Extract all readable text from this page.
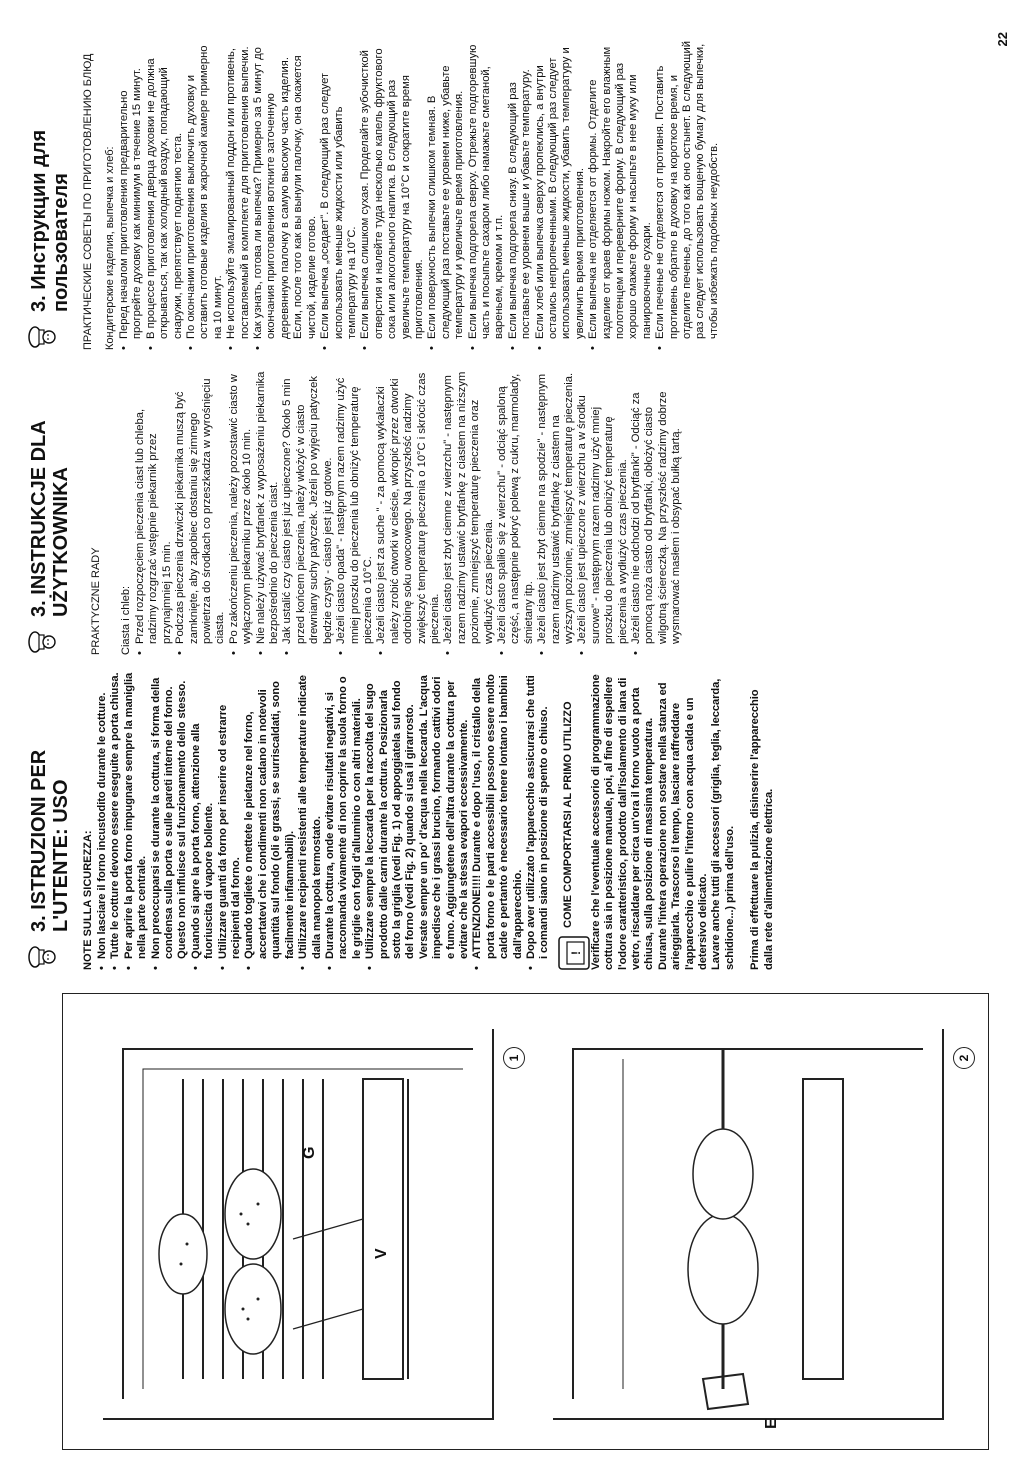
G
V
E
1	2
3. ISTRUZIONI PER L'UTENTE: USO NOTE SULLA SICUREZZA: • Non lasciare il forno incustodito durante le cotture. • Tutte le cotture devono essere eseguite a porta chiusa. • Per aprire la porta forno impugnare sempre la maniglia nella parte centrale. • Non preoccuparsi se durante la cottura, si forma della condensa sulla porta e sulle pareti interne del forno. Questo non influisce sul funzionamento dello stesso. • Quando si apre la porta forno, attenzione alla fuoriuscita di vapore bollente. • Utilizzare guanti da forno per inserire od estrarre recipienti dal forno. • Quando togliete o mettete le pietanze nel forno, accertatevi che i condimenti non cadano in notevoli quantità sul fondo (oli e grassi, se surriscaldati, sono facilmente infiammabili). • Utilizzare recipienti resistenti alle temperature indicate dalla manopola termostato. • Durante la cottura, onde evitare risultati negativi, si raccomanda vivamente di non coprire la suola forno o le griglie con fogli d'alluminio o con altri materiali. • Utilizzare sempre la leccarda per la raccolta del sugo prodotto dalle carni durante la cottura. Posizionarla sotto la griglia (vedi Fig. 1) od appoggiatela sul fondo del forno (vedi Fig. 2) quando si usa il girarrosto. Versate sempre un po' d'acqua nella leccarda. L'acqua impedisce che i grassi brucino, formando cattivi odori e fumo. Aggiungetene dell'altra durante la cottura per evitare che la stessa evapori eccessivamente. • ATTENZIONE!!!! Durante e dopo l'uso, il cristallo della porta forno e le parti accessibili possono essere molto calde e pertanto è necessario tenere lontano i bambini dall'apparecchio. • Dopo aver utilizzato l'apparecchio assicurarsi che tutti i comandi siano in posizione di spento o chiuso. !
COME COMPORTARSI AL PRIMO UTILIZZO Verificare che l'eventuale accessorio di programmazione cottura sia in posizione manuale, poi, al fine di espellere l'odore caratteristico, prodotto dall'isolamento di lana di vetro, riscaldare per circa un'ora il forno vuoto a porta chiusa, sulla posizione di massima temperatura. Durante l'intera operazione non sostare nella stanza ed arieggiarla. Trascorso il tempo, lasciare raffreddare l'apparecchio e pulire l'interno con acqua calda e un detersivo delicato. Lavare anche tutti gli accessori (griglia, teglia, leccarda, schidione...) prima dell'uso. Prima di effettuare la pulizia, disinserire l'apparecchio dalla rete d'alimentazione elettrica.
3. INSTRUKCJE DLA UŻYTKOWNIKA PRAKTYCZNE RADY Ciasta i chleb: • Przed rozpoczęciem pieczenia ciast lub chleba, radzimy rozgrzać wstępnie piekarnik przez przynajmniej 15 min. • Podczas pieczenia drzwiczki piekarnika muszą być zamknięte, aby zapobiec dostaniu się zimnego powietrza do środkach co przeszkadza w wyrośnięciu ciasta. • Po zakończeniu pieczenia, należy pozostawić ciasto w wyłączonym piekarniku przez około 10 min. • Nie należy używać brytfanek z wyposażeniu piekarnika bezpośrednio do pieczenia ciast. • Jak ustalić czy ciasto jest już upieczone? Około 5 min przed końcem pieczenia, należy włożyć w ciasto drewniany suchy patyczek. Jeżeli po wyjęciu patyczek będzie czysty - ciasto jest już gotowe. • Jeżeli ciasto opada" - następnym razem radzimy użyć mniej proszku do pieczenia lub obniżyć temperaturę pieczenia o 10°C. • Jeżeli ciasto jest za suche " - za pomocą wykałaczki należy zrobić otworki w cieście, wkropić przez otworki odrobinę soku owocowego. Na przyszłość radzimy zwiększyć temperaturę pieczenia o 10°C i skrócić czas pieczenia. • Jeżeli ciasto jest zbyt ciemne z wierzchu" - następnym razem radzimy ustawić brytfankę z ciastem na niższym poziomie, zmniejszyć temperaturę pieczenia oraz wydłużyć czas pieczenia. • Jeżeli ciasto spaliło się z wierzchu" - odciąć spaloną część, a następnie pokryć polewą z cukru, marmolady, śmietany itp. • Jeżeli ciasto jest zbyt ciemne na spodzie" - następnym razem radzimy ustawić brytfankę z ciastem na wyższym poziomie, zmniejszyć temperaturę pieczenia. • Jeżeli ciasto jest upieczone z wierzchu a w środku surowe" - następnym razem radzimy użyć mniej proszku do pieczenia lub obniżyć temperaturę pieczenia a wydłużyć czas pieczenia. • Jeżeli ciasto nie odchodzi od brytfanki" - Odciąć za pomocą noża ciasto od brytfanki, obłożyć ciasto wilgotną ściereczką. Na przyszłość radzimy dobrze wysmarować masłem i obsypać bułką tartą.
3. Инструкции для пользователя ПРАКТИЧЕСКИЕ СОВЕТЫ ПО ПРИГОТОВЛЕНИЮ БЛЮД Кондитерские изделия, выпечка и хлеб: • Перед началом приготовления предварительно прогрейте духовку как минимум в течение 15 минут. • В процессе приготовления дверца духовки не должна открываться, так как холодный воздух, попадающий снаружи, препятствует поднятию теста. • По окончании приготовления выключить духовку и оставить готовые изделия в жарочной камере примерно на 10 минут. • Не используйте эмалированный поддон или противень, поставляемый в комплекте для приготовления выпечки. • Как узнать, готова ли выпечка? Примерно за 5 минут до окончания приготовления воткните заточенную деревянную палочку в самую высокую часть изделия. Если, после того как вы вынули палочку, она окажется чистой, изделие готово. • Если выпечка „оседает". В следующий раз следует использовать меньше жидкости или убавить температуру на 10°С. • Если выпечка слишком сухая. Проделайте зубочисткой отверстия и налейте туда несколько капель фруктового сока или алкогольного напитка. В следующий раз увеличьте температуру на 10°С и сократите время приготовления. • Если поверхность выпечки слишком темная. В следующий раз поставьте ее уровнем ниже, убавьте температуру и увеличьте время приготовления. • Если выпечка подгорела сверху. Отрежьте подгоревшую часть и посыпьте сахаром либо намажьте сметаной, вареньем, кремом и т.п. • Если выпечка подгорела снизу. В следующий раз поставьте ее уровнем выше и убавьте температуру. • Если хлеб или выпечка сверху пропеклись, а внутри остались непропеченными. В следующий раз следует использовать меньше жидкости, убавить температуру и увеличить время приготовления. • Если выпечка не отделяется от формы. Отделите изделие от краев формы ножом. Накройте его влажным полотенцем и переверните форму. В следующий раз хорошо смажьте форму и насыпьте в нее муку или панировочные сухари. • Если печенье не отделяется от противня. Поставить противень обратно в духовку на короткое время, и отделите печенье, до того как оно остынет. В следующий раз следует использовать вощеную бумагу для выпечки, чтобы избежать подобных неудобств.
22
